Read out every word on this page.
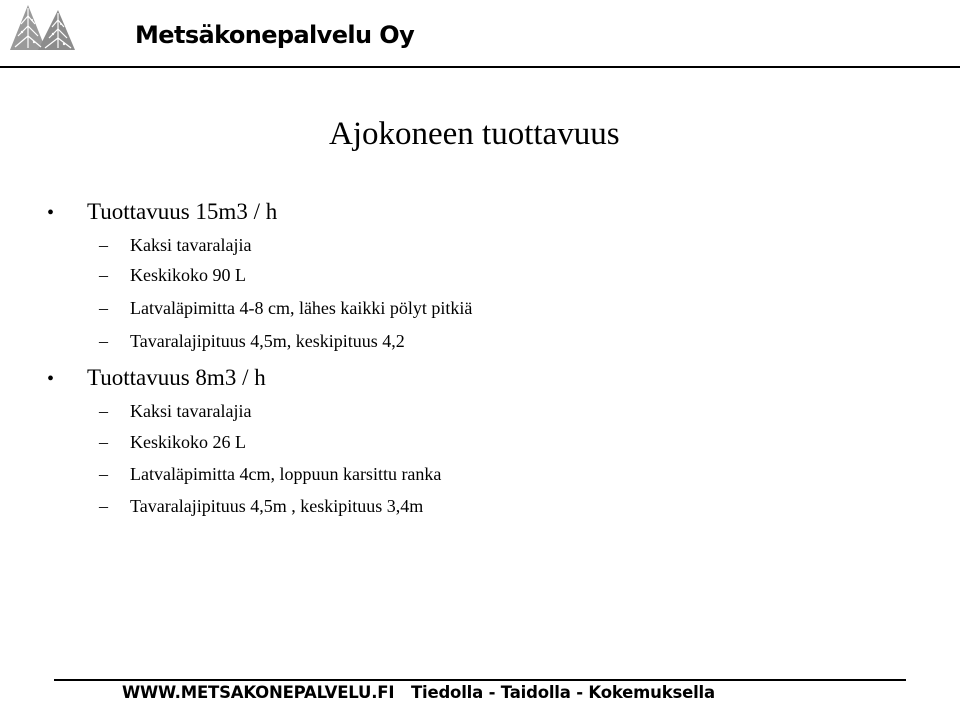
Metsäkonepalvelu Oy
Ajokoneen tuottavuus
• Tuottavuus 15m3 / h
– Kaksi tavaralajia
– Keskikoko 90 L
– Latvaläpimitta 4-8 cm, lähes kaikki pölyt pitkiä
– Tavaralajipituus 4,5m, keskipituus 4,2
• Tuottavuus 8m3 / h
– Kaksi tavaralajia
– Keskikoko 26 L
– Latvaläpimitta 4cm, loppuun karsittu ranka
– Tavaralajipituus 4,5m , keskipituus 3,4m
WWW.METSAKONEPALVELU.FI   Tiedolla - Taidolla - Kokemuksella
